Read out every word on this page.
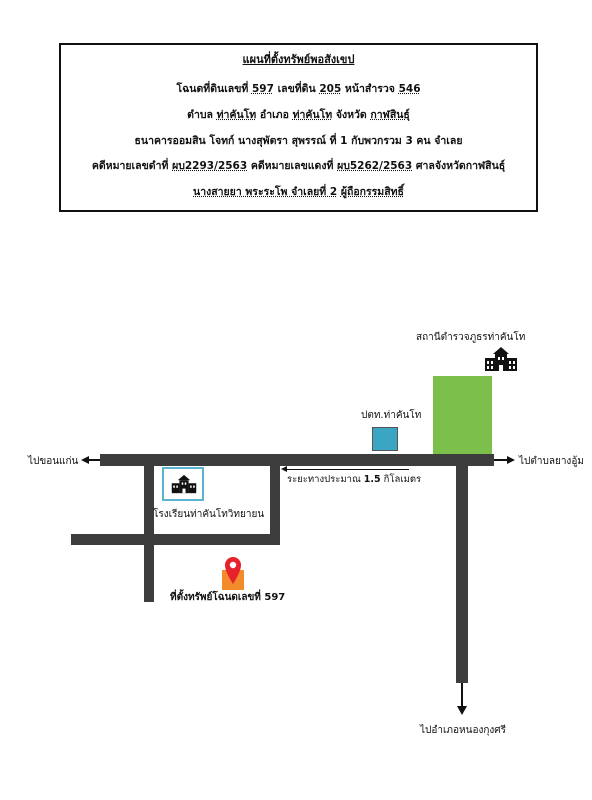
แผนที่ตั้งทรัพย์พอสังเขป
โฉนดที่ดินเลขที่ 597 เลขที่ดิน 205 หน้าสำรวจ 546
ตำบล ท่าคันโท อำเภอ ท่าคันโท จังหวัด กาฬสินธุ์
ธนาคารออมสิน โจทก์ นางสุพัตรา สุพรรณ์ ที่ 1 กับพวกรวม 3 คน จำเลย
คดีหมายเลขดำที่ ผบ2293/2563 คดีหมายเลขแดงที่ ผบ5262/2563 ศาลจังหวัดกาฬสินธุ์
นางสายยา พระระโพ จำเลยที่ 2 ผู้ถือกรรมสิทธิ์
สถานีตำรวจภูธรท่าคันโท
ปตท.ท่าคันโท
ไปขอนแก่น	ไปตำบลยางอู้ม
ไปอำเภอหนองกุงศรี
ระยะทางประมาณ 1.5 กิโลเมตร
โรงเรียนท่าคันโทวิทยายน
ที่ตั้งทรัพย์โฉนดเลขที่ 597
